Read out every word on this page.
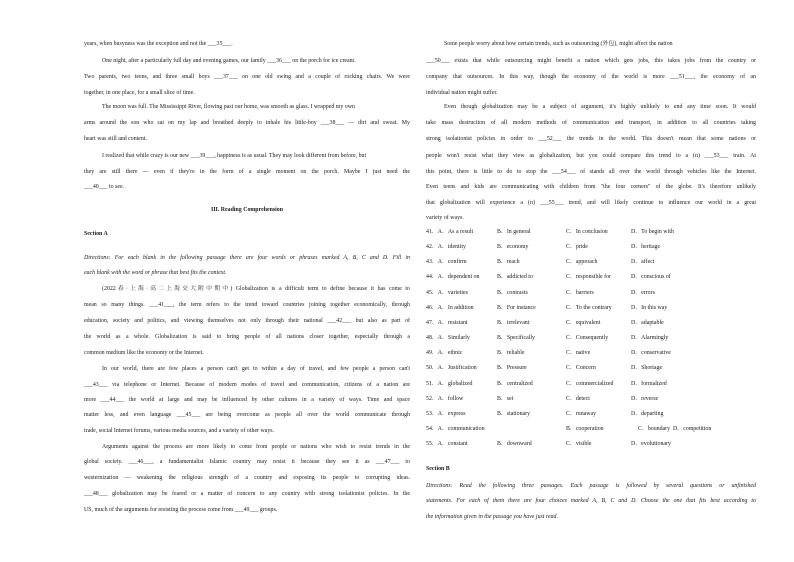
years, when busyness was the exception and not the ___35___.
One night, after a particularly full day and evening games, our family ___36___ on the porch for ice cream.
Two parents, two teens, and three small boys ___37___ on one old swing and a couple of rocking chairs. We were
together, in one place, for a small slice of time.
The moon was full. The Mississippi River, flowing past our home, was smooth as glass. I wrapped my own
arms around the son who sat on my lap and breathed deeply to inhale his little-boy ___38___ — dirt and sweat. My
heart was still and content.
I realized that while crazy is our new ___39___, happiness is as usual. They may look different from before, but
they are still there — even if they're in the form of a single moment on the porch. Maybe I just need the
___40___ to see.
III. Reading Comprehension
Section A
Directions: For each blank in the following passage there are four words or phrases marked A, B, C and D. Fill in
each blank with the word or phrase that best fits the context.
(2022春·上海·高二上海交大附中期中) Globalization is a difficult term to define because it has come to
mean so many things. ___41___, the term refers to the trend toward countries joining together economically, through
education, society and politics, and viewing themselves not only through their national ___42___ but also as part of
the world as a whole. Globalization is said to bring people of all nations closer together, especially through a
common medium like the economy or the Internet.
In our world, there are few places a person can't get to within a day of travel, and few people a person can't
___43___ via telephone or Internet. Because of modern modes of travel and communication, citizens of a nation are
more ___44___ the world at large and may be influenced by other cultures in a variety of ways. Time and space
matter less, and even language ___45___ are being overcome as people all over the world communicate through
trade, social Internet forums, various media sources, and a variety of other ways.
Arguments against the process are more likely to come from people or nations who wish to resist trends in the
global society. ___46___, a fundamentalist Islamic country may resist it because they see it as ___47___ to
westernization — weakening the religious strength of a country and exposing its people to corrupting ideas.
___48___ globalization may be feared or a matter of concern to any country with strong isolationist policies. In the
US, much of the arguments for resisting the process come from ___49___ groups.
Some people worry about how certain trends, such as outsourcing (外包), might affect the nation
___50___ exists that while outsourcing might benefit a nation which gets jobs, this takes jobs from the country or
company that outsources. In this way, though the economy of the world is more ___51___, the economy of an
individual nation might suffer.
Even though globalization may be a subject of argument, it's highly unlikely to end any time soon. It would
take mass destruction of all modern methods of communication and transport, in addition to all countries taking
strong isolationist policies in order to ___52___ the trends in the world. This doesn't mean that some nations or
people won't resist what they view as globalization, but you could compare this trend to a (n) ___53___ train. At
this point, there is little to do to stop the ___54___ of stands all over the world through vehicles like the Internet.
Even teens and kids are communicating with children from "the four corners" of the globe. It's therefore unlikely
that globalization will experience a (n) ___55___ trend, and will likely continue to influence our world in a great
variety of ways.
41．A．As a result	B．In general	C．In conclusion	D．To begin with
42．A．identity	B．economy	C．pride	D．heritage
43．A．confirm	B．reach	C．approach	D．affect
44．A．dependent on	B．addicted to	C．responsible for	D．conscious of
45．A．varieties	B．contrasts	C．barriers	D．errors
46．A．In addition	B．For instance	C．To the contrary	D．In this way
47．A．resistant	B．irrelevant	C．equivalent	D．adaptable
48．A．Similarly	B．Specifically	C．Consequently	D．Alarmingly
49．A．ethnic	B．reliable	C．native	D．conservative
50．A．Justification	B．Pressure	C．Concern	D．Shortage
51．A．globalized	B．centralized	C．commercialized	D．formalized
52．A．follow	B．set	C．detect	D．reverse
53．A．express	B．stationary	C．runaway	D．departing
54．A．communication	B．cooperation	C．boundary D．competition
55．A．constant	B．downward	C．visible	D．evolutionary
Section B
Directions: Read the following three passages. Each passage is followed by several questions or unfinished
statements. For each of them there are four choices marked A, B, C and D. Choose the one that fits best according to
the information given in the passage you have just read.
